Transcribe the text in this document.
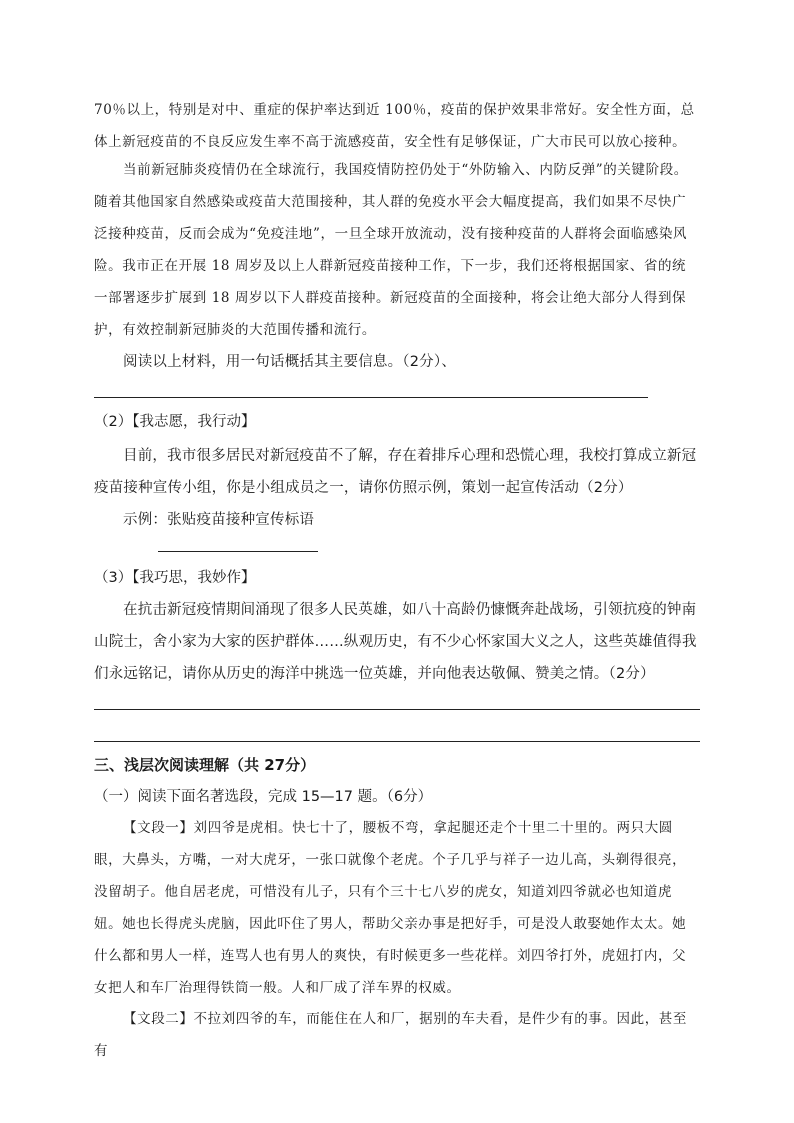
70％以上，特别是对中、重症的保护率达到近 100％，疫苗的保护效果非常好。安全性方面，总体上新冠疫苗的不良反应发生率不高于流感疫苗，安全性有足够保证，广大市民可以放心接种。

当前新冠肺炎疫情仍在全球流行，我国疫情防控仍处于“外防输入、内防反弹”的关键阶段。随着其他国家自然感染或疫苗大范围接种，其人群的免疫水平会大幅度提高，我们如果不尽快广泛接种疫苗，反而会成为“免疫洼地”，一旦全球开放流动，没有接种疫苗的人群将会面临感染风险。我市正在开展 18 周岁及以上人群新冠疫苗接种工作，下一步，我们还将根据国家、省的统一部署逐步扩展到 18 周岁以下人群疫苗接种。新冠疫苗的全面接种，将会让绝大部分人得到保护，有效控制新冠肺炎的大范围传播和流行。

阅读以上材料，用一句话概括其主要信息。（2分）、

（2）【我志愿，我行动】

目前，我市很多居民对新冠疫苗不了解，存在着排斥心理和恐慌心理，我校打算成立新冠疫苗接种宣传小组，你是小组成员之一，请你仿照示例，策划一起宣传活动（2分）

示例：张贴疫苗接种宣传标语

（3）【我巧思，我妙作】

在抗击新冠疫情期间涌现了很多人民英雄，如八十高龄仍慷慨奔赴战场，引领抗疫的钟南山院士，舍小家为大家的医护群体……纵观历史，有不少心怀家国大义之人，这些英雄值得我们永远铭记，请你从历史的海洋中挑选一位英雄，并向他表达敬佩、赞美之情。（2分）

三、浅层次阅读理解（共 27分）

（一）阅读下面名著选段，完成 15—17 题。（6分）

【文段一】刘四爷是虎相。快七十了，腰板不弯，拿起腿还走个十里二十里的。两只大圆眼，大鼻头，方嘴，一对大虎牙，一张口就像个老虎。个子几乎与祥子一边儿高，头剃得很亮，没留胡子。他自居老虎，可惜没有儿子，只有个三十七八岁的虎女，知道刘四爷就必也知道虎妞。她也长得虎头虎脑，因此吓住了男人，帮助父亲办事是把好手，可是没人敢娶她作太太。她什么都和男人一样，连骂人也有男人的爽快，有时候更多一些花样。刘四爷打外，虎妞打内，父女把人和车厂治理得铁筒一般。人和厂成了洋车界的权威。

【文段二】不拉刘四爷的车，而能住在人和厂，据别的车夫看，是件少有的事。因此，甚至有
